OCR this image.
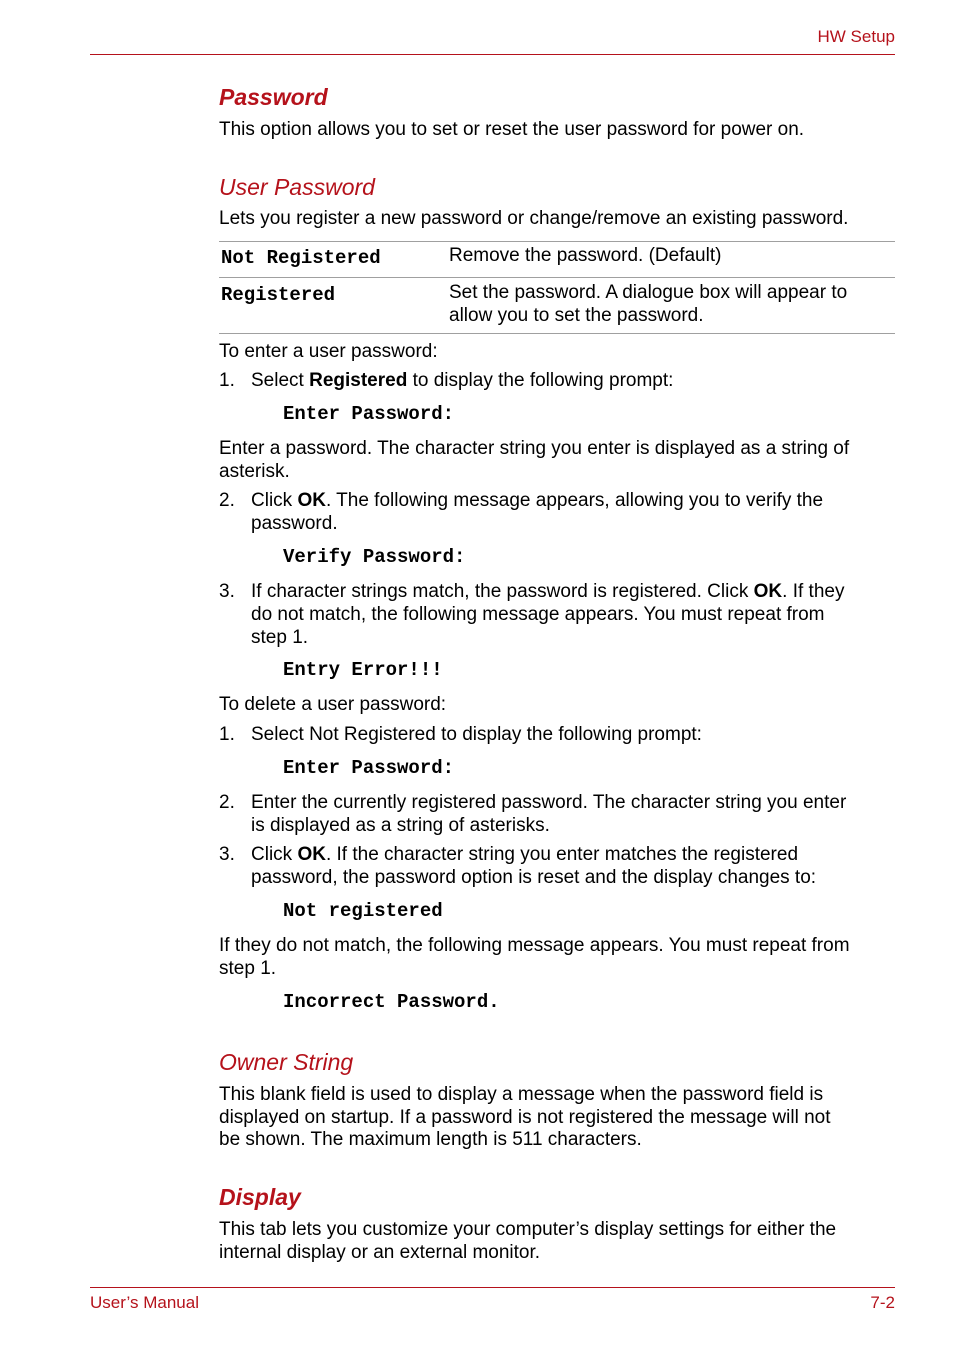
HW Setup
Password
This option allows you to set or reset the user password for power on.
User Password
Lets you register a new password or change/remove an existing password.
Not Registered	Remove the password. (Default)
Registered	Set the password. A dialogue box will appear to
allow you to set the password.
To enter a user password:
1. Select Registered to display the following prompt:
Enter Password:
Enter a password. The character string you enter is displayed as a string of
asterisk.
2. Click OK. The following message appears, allowing you to verify the
password.
Verify Password:
3. If character strings match, the password is registered. Click OK. If they
do not match, the following message appears. You must repeat from
step 1.
Entry Error!!!
To delete a user password:
1. Select Not Registered to display the following prompt:
Enter Password:
2. Enter the currently registered password. The character string you enter
is displayed as a string of asterisks.
3. Click OK. If the character string you enter matches the registered
password, the password option is reset and the display changes to:
Not registered
If they do not match, the following message appears. You must repeat from
step 1.
Incorrect Password.
Owner String
This blank field is used to display a message when the password field is
displayed on startup. If a password is not registered the message will not
be shown. The maximum length is 511 characters.
Display
This tab lets you customize your computer’s display settings for either the
internal display or an external monitor.
User’s Manual	7-2
